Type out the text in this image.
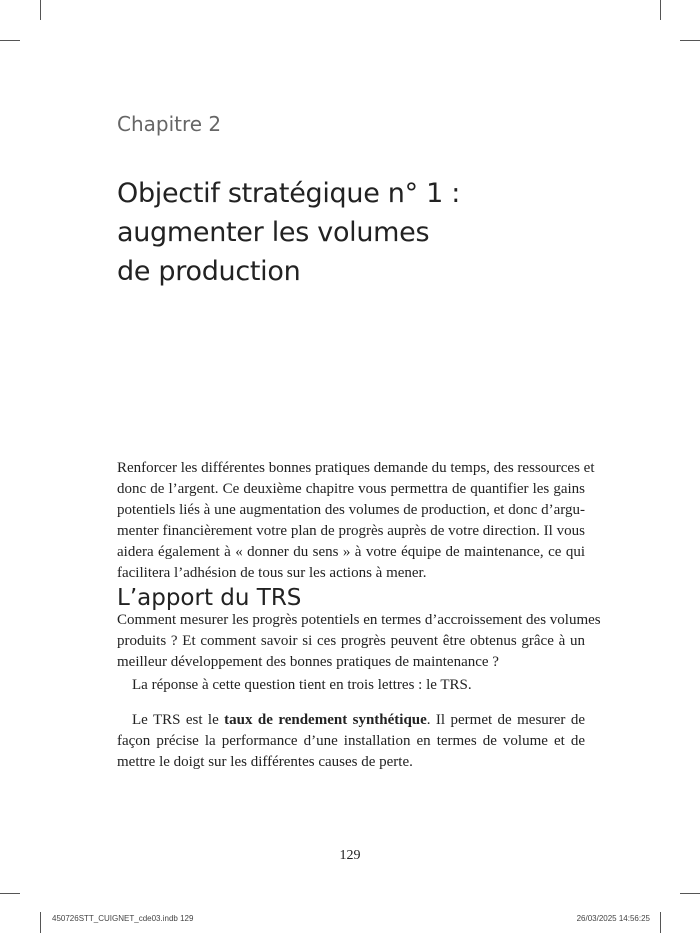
Chapitre 2
Objectif stratégique n° 1 :
augmenter les volumes
de production
Renforcer les différentes bonnes pratiques demande du temps, des ressources et
donc de l’argent. Ce deuxième chapitre vous permettra de quantifier les gains
potentiels liés à une augmentation des volumes de production, et donc d’argu-
menter financièrement votre plan de progrès auprès de votre direction. Il vous
aidera également à « donner du sens » à votre équipe de maintenance, ce qui
facilitera l’adhésion de tous sur les actions à mener.
L’apport du TRS
Comment mesurer les progrès potentiels en termes d’accroissement des volumes
produits ? Et comment savoir si ces progrès peuvent être obtenus grâce à un
meilleur développement des bonnes pratiques de maintenance ?
La réponse à cette question tient en trois lettres : le TRS.
Le TRS est le taux de rendement synthétique. Il permet de mesurer de
façon précise la performance d’une installation en termes de volume et de
mettre le doigt sur les différentes causes de perte.
129
450726STT_CUIGNET_cde03.indb 129	26/03/2025 14:56:25
